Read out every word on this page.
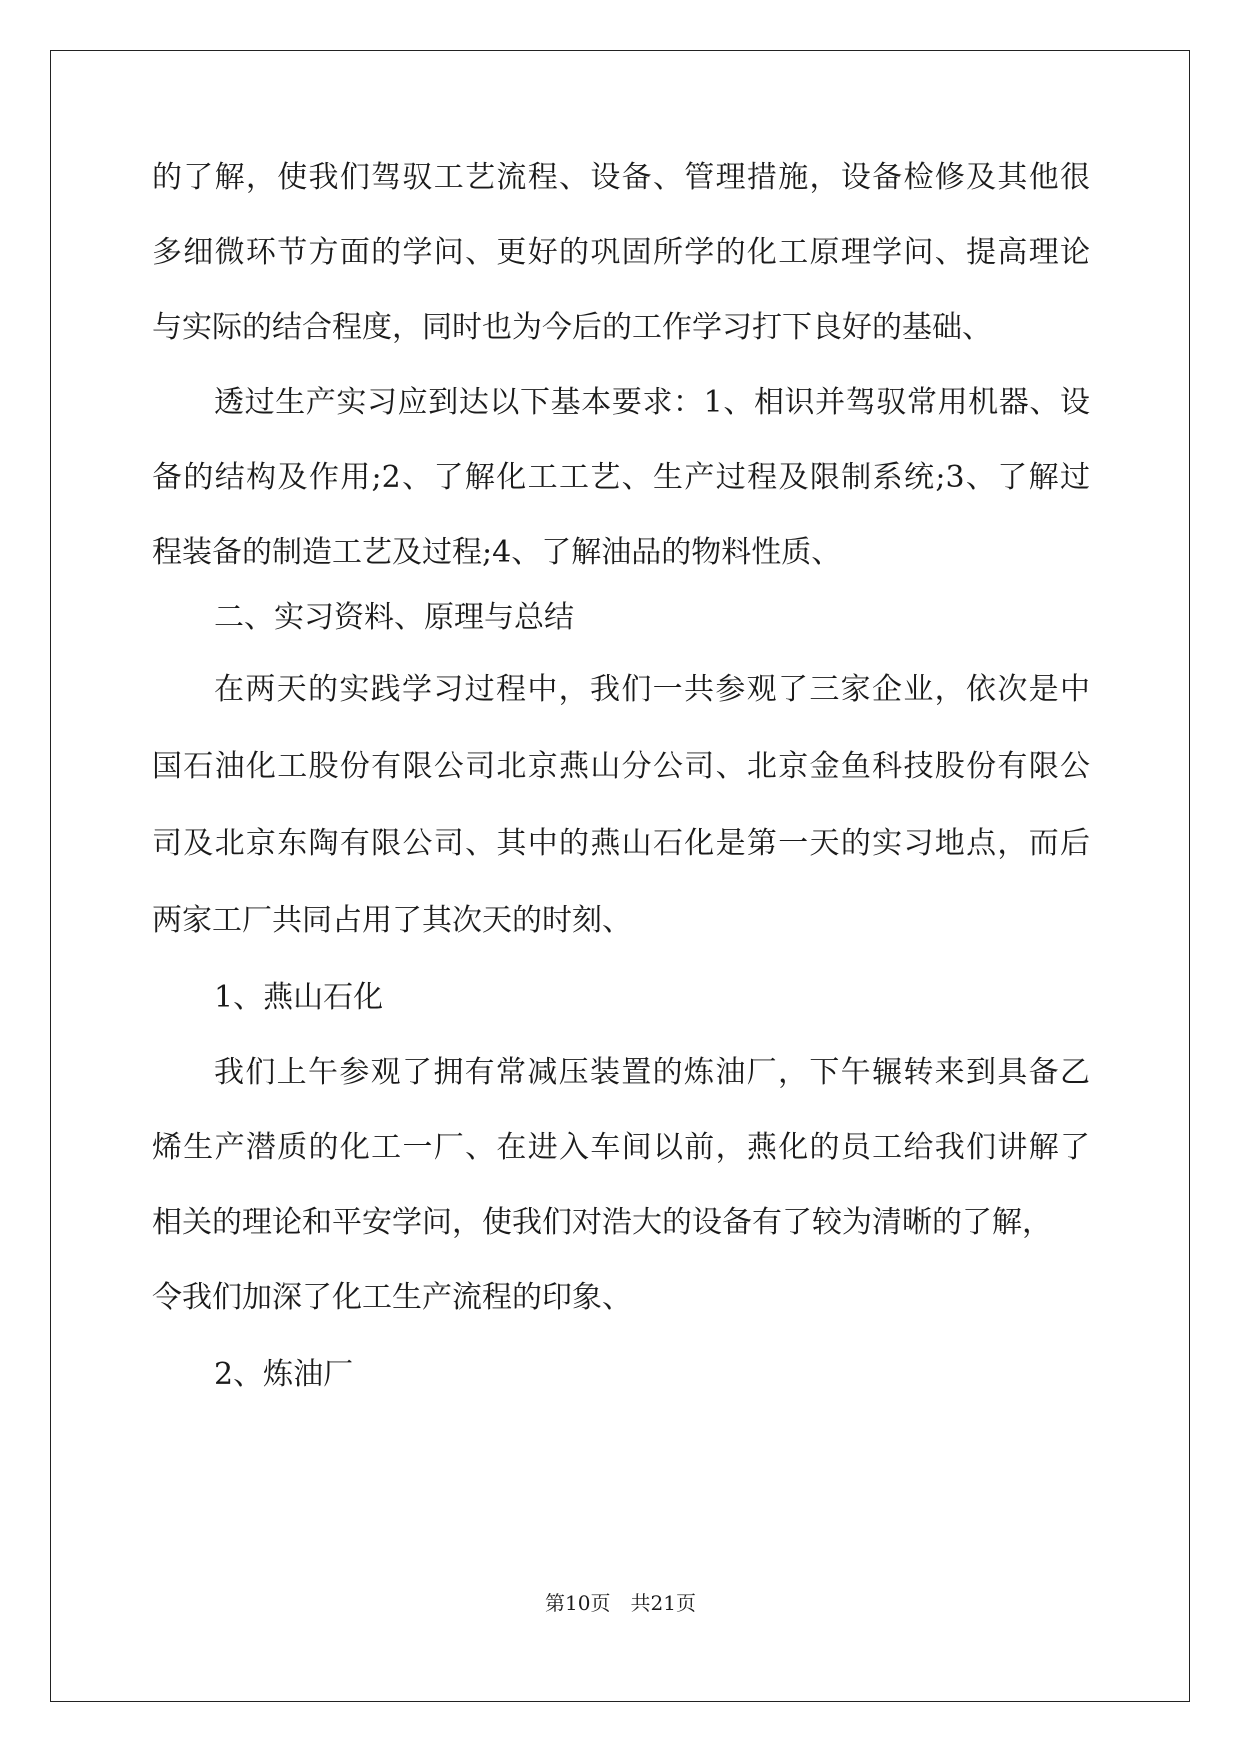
的了解，使我们驾驭工艺流程、设备、管理措施，设备检修及其他很
多细微环节方面的学问、更好的巩固所学的化工原理学问、提高理论
与实际的结合程度，同时也为今后的工作学习打下良好的基础、
透过生产实习应到达以下基本要求：1、相识并驾驭常用机器、设
备的结构及作用;2、了解化工工艺、生产过程及限制系统;3、了解过
程装备的制造工艺及过程;4、了解油品的物料性质、
二、实习资料、原理与总结
在两天的实践学习过程中，我们一共参观了三家企业，依次是中
国石油化工股份有限公司北京燕山分公司、北京金鱼科技股份有限公
司及北京东陶有限公司、其中的燕山石化是第一天的实习地点，而后
两家工厂共同占用了其次天的时刻、
1、燕山石化
我们上午参观了拥有常减压装置的炼油厂，下午辗转来到具备乙
烯生产潜质的化工一厂、在进入车间以前，燕化的员工给我们讲解了
相关的理论和平安学问，使我们对浩大的设备有了较为清晰的了解，
令我们加深了化工生产流程的印象、
2、炼油厂
第10页　共21页
